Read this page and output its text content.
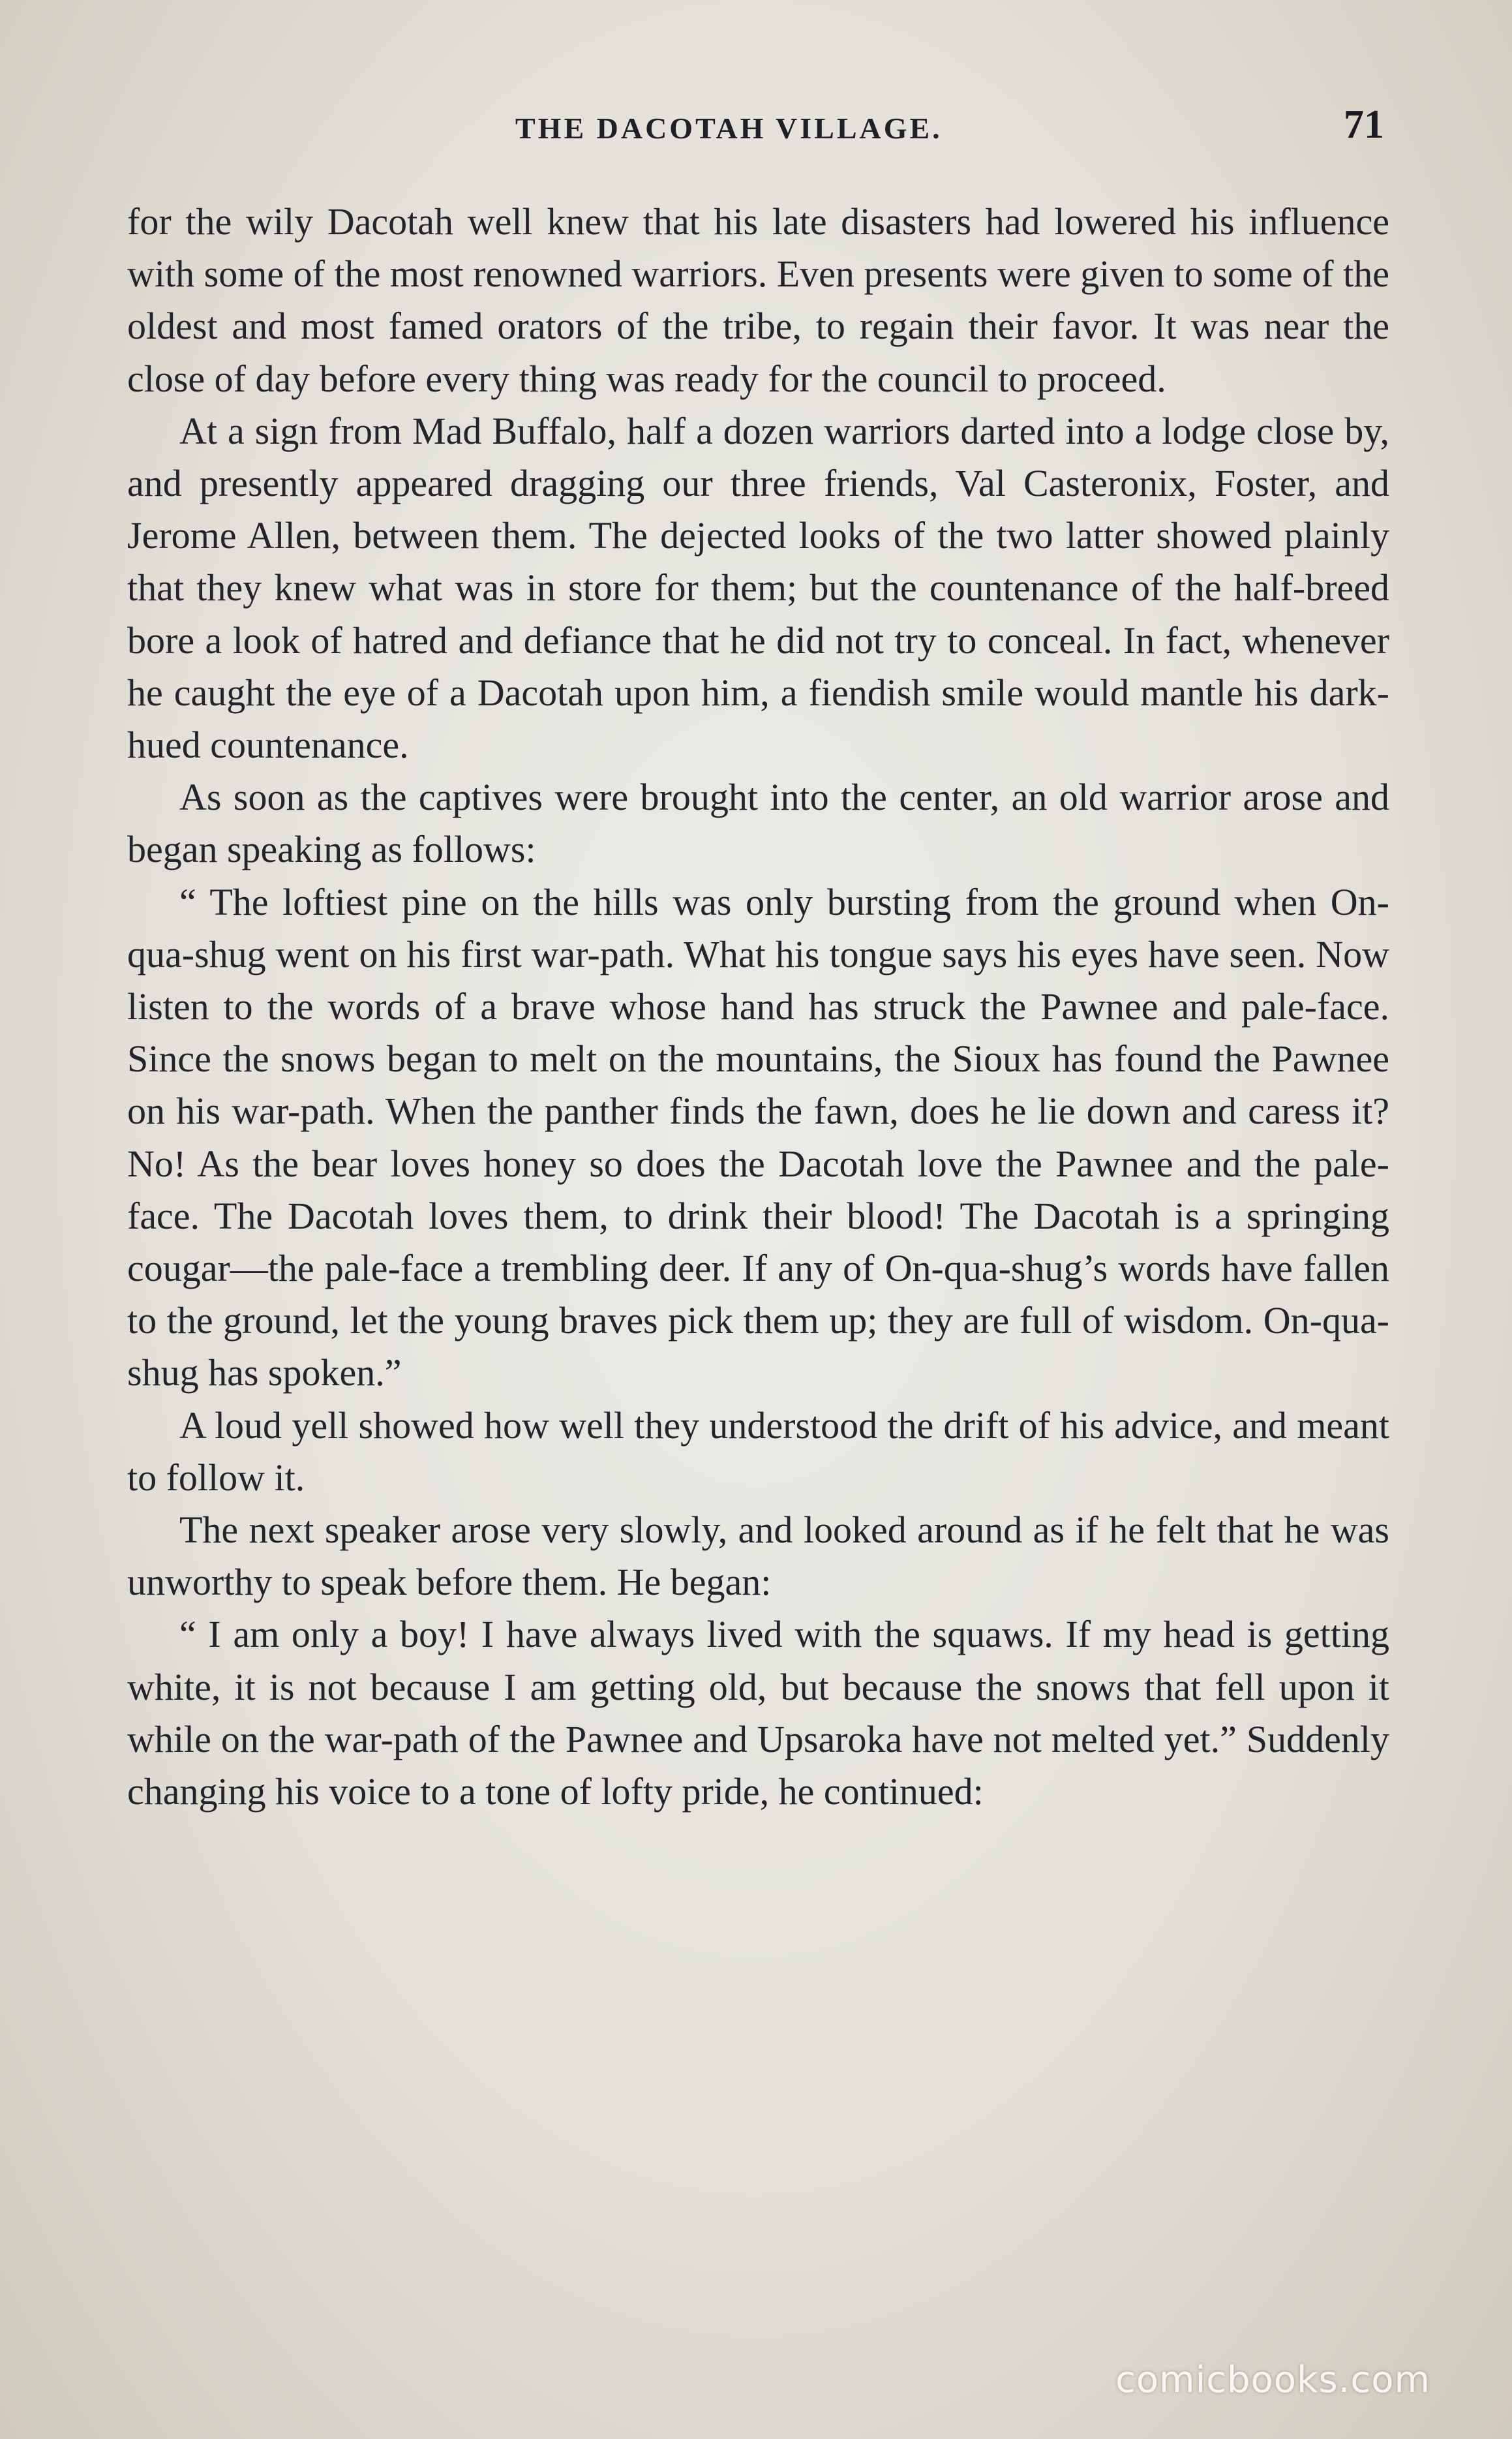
THE DACOTAH VILLAGE.	71

for the wily Dacotah well knew that his late disasters had lowered his influence with some of the most renowned warriors. Even presents were given to some of the oldest and most famed orators of the tribe, to regain their favor. It was near the close of day before every thing was ready for the council to proceed.

At a sign from Mad Buffalo, half a dozen warriors darted into a lodge close by, and presently appeared dragging our three friends, Val Casteronix, Foster, and Jerome Allen, between them. The dejected looks of the two latter showed plainly that they knew what was in store for them; but the countenance of the half-breed bore a look of hatred and defiance that he did not try to conceal. In fact, whenever he caught the eye of a Dacotah upon him, a fiendish smile would mantle his dark-hued countenance.

As soon as the captives were brought into the center, an old warrior arose and began speaking as follows:

“ The loftiest pine on the hills was only bursting from the ground when On-qua-shug went on his first war-path. What his tongue says his eyes have seen. Now listen to the words of a brave whose hand has struck the Pawnee and pale-face. Since the snows began to melt on the mountains, the Sioux has found the Pawnee on his war-path. When the panther finds the fawn, does he lie down and caress it? No! As the bear loves honey so does the Dacotah love the Pawnee and the pale-face. The Dacotah loves them, to drink their blood! The Dacotah is a springing cougar—the pale-face a trembling deer. If any of On-qua-shug’s words have fallen to the ground, let the young braves pick them up; they are full of wisdom. On-qua-shug has spoken.”

A loud yell showed how well they understood the drift of his advice, and meant to follow it.

The next speaker arose very slowly, and looked around as if he felt that he was unworthy to speak before them. He began:

“ I am only a boy! I have always lived with the squaws. If my head is getting white, it is not because I am getting old, but because the snows that fell upon it while on the war-path of the Pawnee and Upsaroka have not melted yet.” Suddenly changing his voice to a tone of lofty pride, he continued:

comicbooks.com
